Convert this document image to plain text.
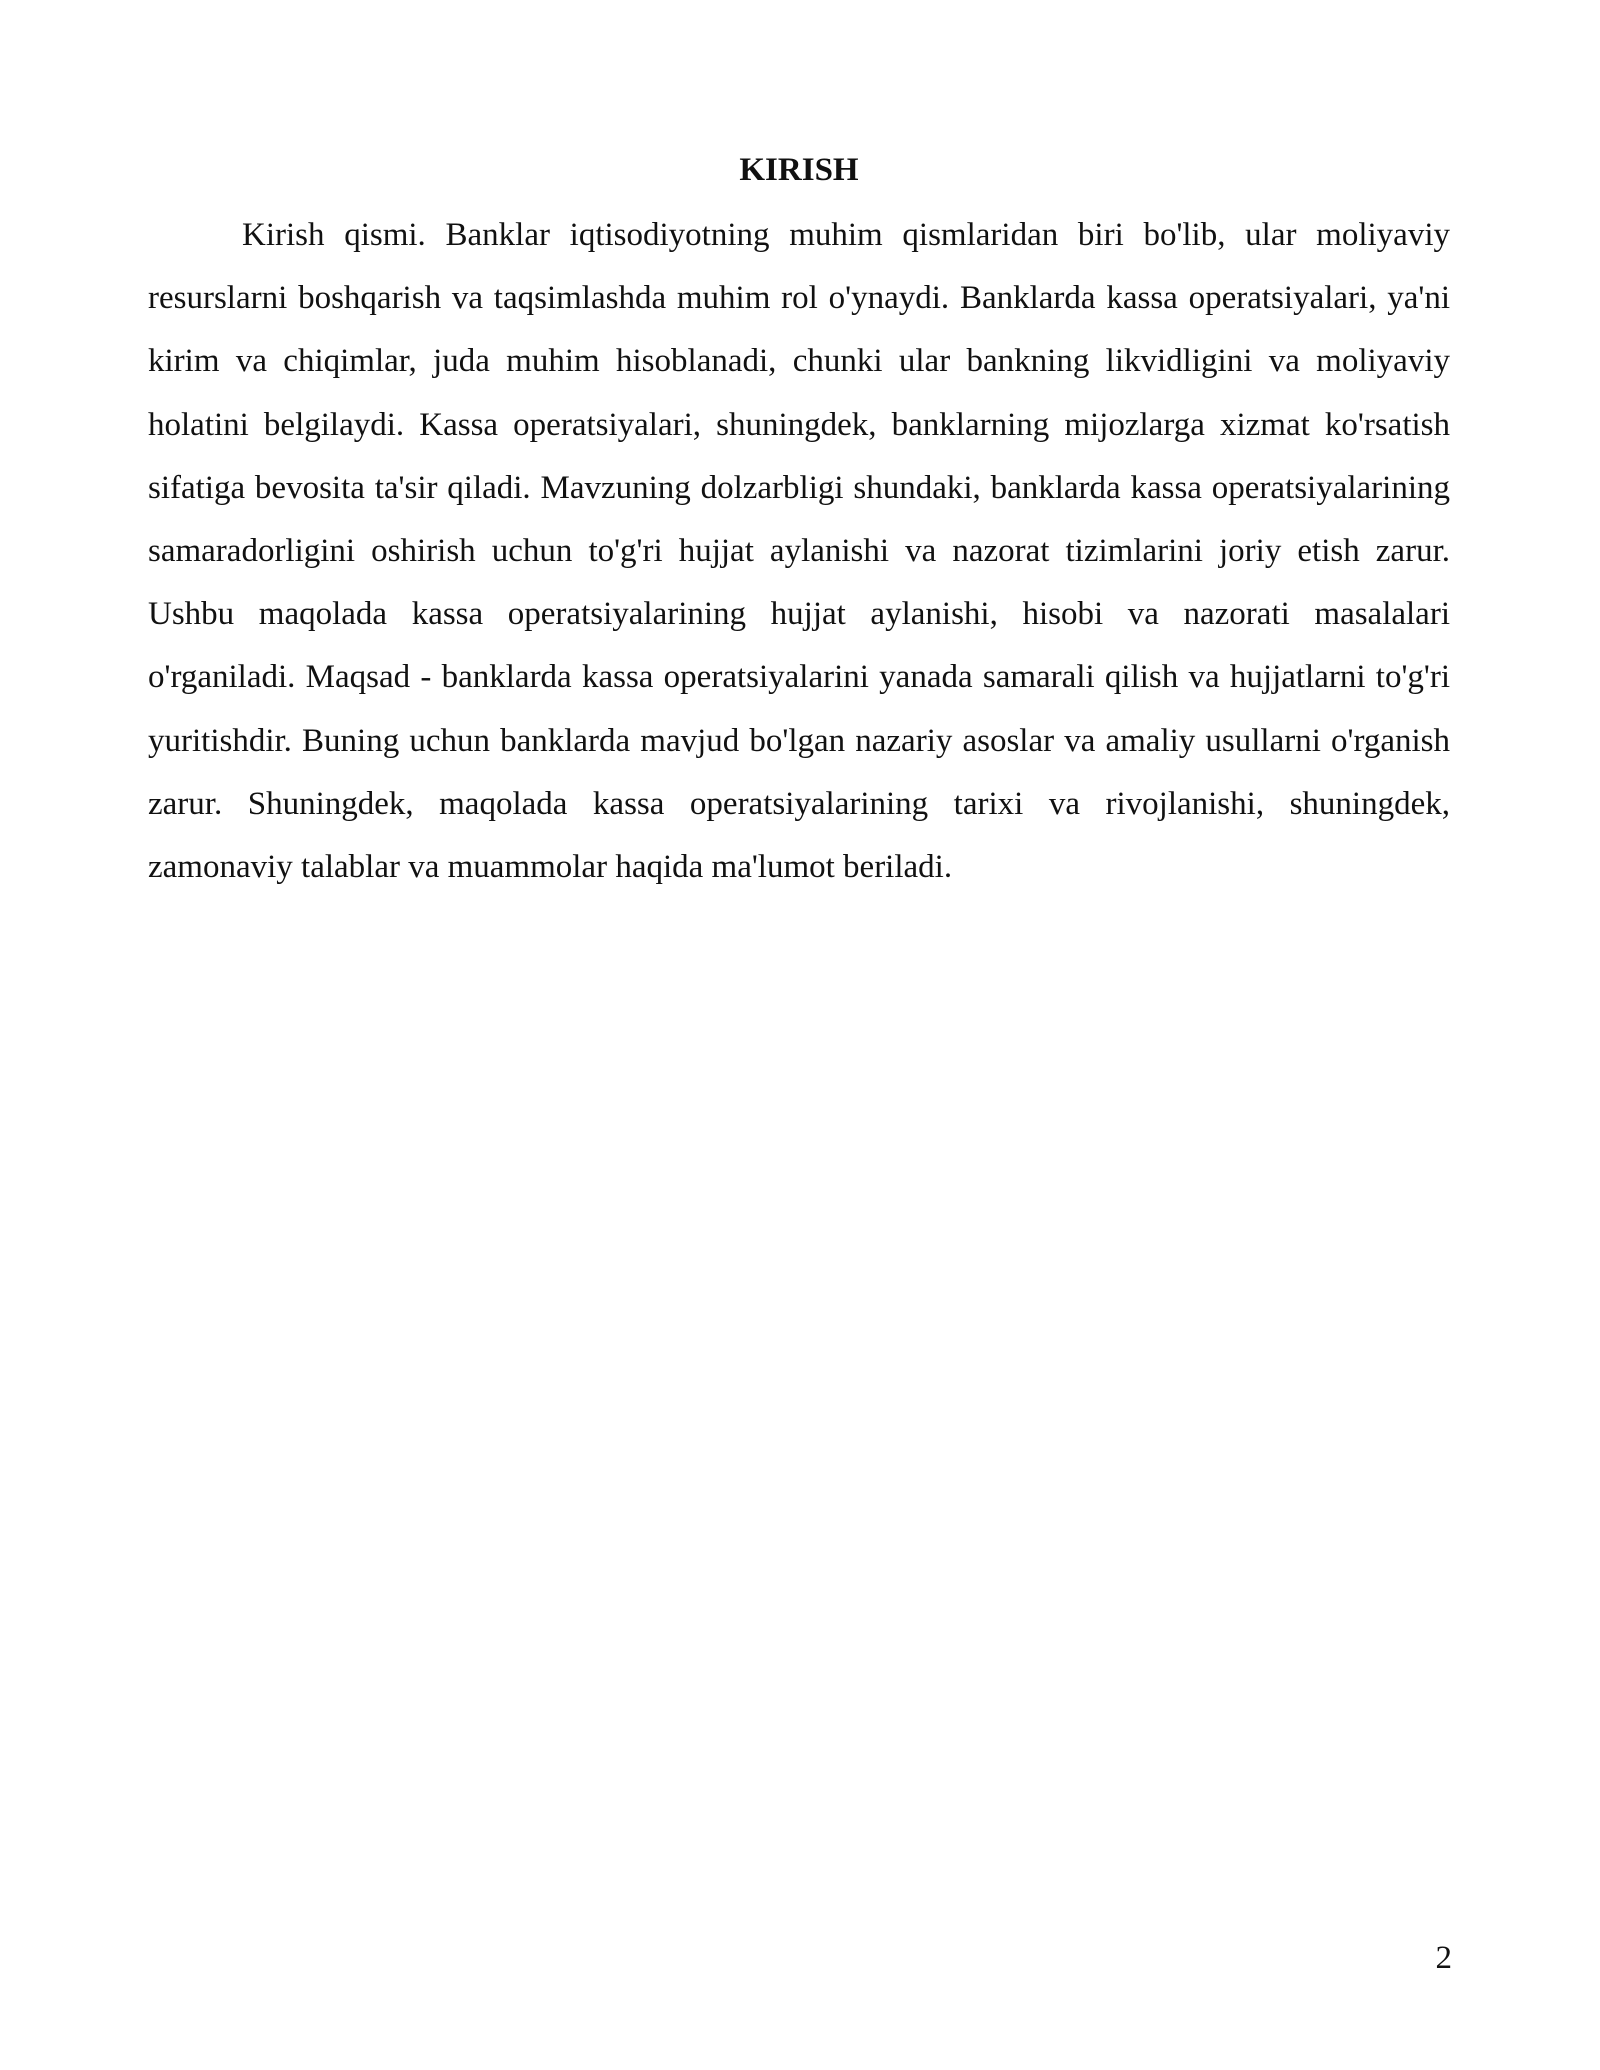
KIRISH

Kirish qismi. Banklar iqtisodiyotning muhim qismlaridan biri bo'lib, ular moliyaviy resurslarni boshqarish va taqsimlashda muhim rol o'ynaydi. Banklarda kassa operatsiyalari, ya'ni kirim va chiqimlar, juda muhim hisoblanadi, chunki ular bankning likvidligini va moliyaviy holatini belgilaydi. Kassa operatsiyalari, shuningdek, banklarning mijozlarga xizmat ko'rsatish sifatiga bevosita ta'sir qiladi. Mavzuning dolzarbligi shundaki, banklarda kassa operatsiyalarining samaradorligini oshirish uchun to'g'ri hujjat aylanishi va nazorat tizimlarini joriy etish zarur. Ushbu maqolada kassa operatsiyalarining hujjat aylanishi, hisobi va nazorati masalalari o'rganiladi. Maqsad - banklarda kassa operatsiyalarini yanada samarali qilish va hujjatlarni to'g'ri yuritishdir. Buning uchun banklarda mavjud bo'lgan nazariy asoslar va amaliy usullarni o'rganish zarur. Shuningdek, maqolada kassa operatsiyalarining tarixi va rivojlanishi, shuningdek, zamonaviy talablar va muammolar haqida ma'lumot beriladi.

2
